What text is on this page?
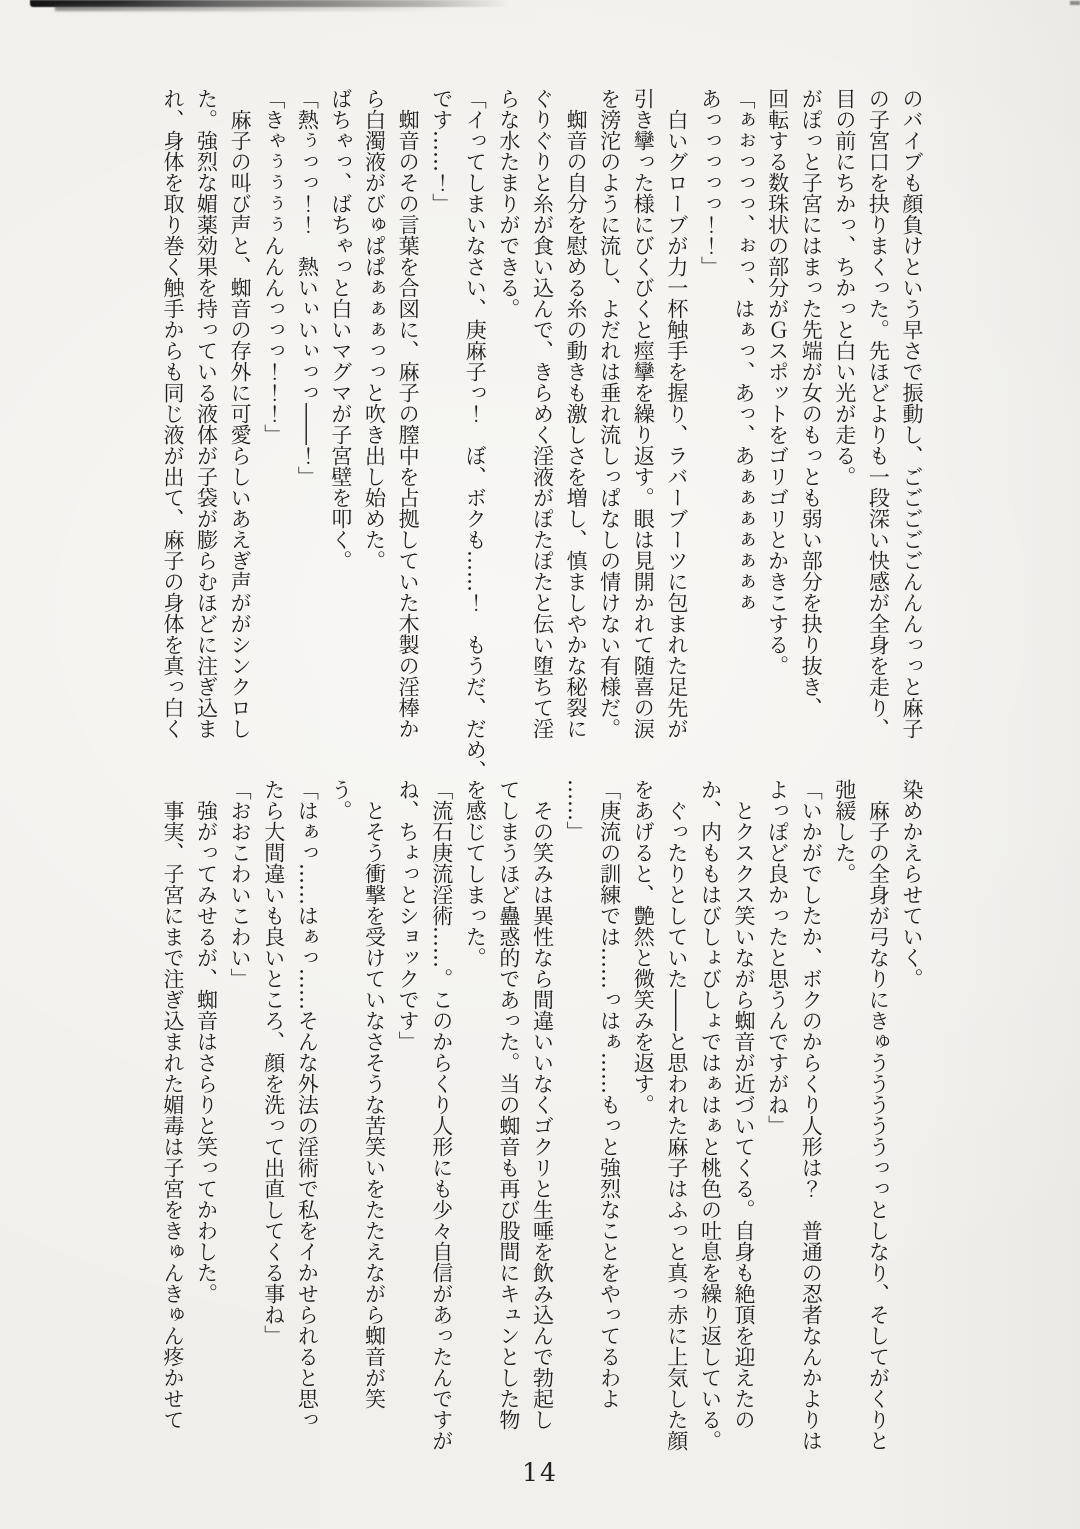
のバイブも顔負けという早さで振動し、ごごごごごんんんっっと麻子

の子宮口を抉りまくった。先ほどよりも一段深い快感が全身を走り、

目の前にちかっ、ちかっと白い光が走る。

がぽっと子宮にはまった先端が女のもっとも弱い部分を抉り抜き、

回転する数珠状の部分がＧスポットをゴリゴリとかきこする。

「ぁぉっっっ、ぉっ、はぁっ、あっ、あぁぁぁぁぁぁぁ

あっっっっっ！！」

　白いグローブが力一杯触手を握り、ラバーブーツに包まれた足先が

引き攣った様にびくびくと痙攣を繰り返す。眼は見開かれて随喜の涙

を滂沱のように流し、よだれは垂れ流しっぱなしの情けない有様だ。

　蜘音の自分を慰める糸の動きも激しさを増し、慎ましやかな秘裂に

ぐりぐりと糸が食い込んで、きらめく淫液がぽたぽたと伝い堕ちて淫

らな水たまりができる。

「イってしまいなさい、庚麻子っ！　ぼ、ボクも……！　もうだ、だめ、

です……！」

　蜘音のその言葉を合図に、麻子の膣中を占拠していた木製の淫棒か

ら白濁液がびゅぱぱぁぁぁっっと吹き出し始めた。

ばちゃっ、ばちゃっと白いマグマが子宮壁を叩く。

「熱ぅっっ！！　熱いぃいぃっっ――！」

「きゃぅぅぅぅんんんっっっ！！！」

　麻子の叫び声と、蜘音の存外に可愛らしいあえぎ声ががシンクロし

た。強烈な媚薬効果を持っている液体が子袋が膨らむほどに注ぎ込ま

れ、身体を取り巻く触手からも同じ液が出て、麻子の身体を真っ白く

染めかえらせていく。

　麻子の全身が弓なりにきゅうううううっっとしなり、そしてがくりと

弛緩した。

「いかがでしたか、ボクのからくり人形は？　普通の忍者なんかよりは

よっぽど良かったと思うんですがね」

　とクスクス笑いながら蜘音が近づいてくる。自身も絶頂を迎えたの

か、内ももはびしょびしょではぁはぁと桃色の吐息を繰り返している。

　ぐったりとしていた――と思われた麻子はふっと真っ赤に上気した顔

をあげると、艶然と微笑みを返す。

「庚流の訓練では……っはぁ……もっと強烈なことをやってるわよ

……」

　その笑みは異性なら間違いいなくゴクリと生唾を飲み込んで勃起し

てしまうほど蠱惑的であった。当の蜘音も再び股間にキュンとした物

を感じてしまった。

「流石庚流淫術……。このからくり人形にも少々自信があったんですが

ね、ちょっとショックです」

　とそう衝撃を受けていなさそうな苦笑いをたたえながら蜘音が笑

う。

「はぁっ……はぁっ……そんな外法の淫術で私をイかせられると思っ

たら大間違いも良いところ、顔を洗って出直してくる事ね」

「おおこわいこわい」

　強がってみせるが、蜘音はさらりと笑ってかわした。

　事実、子宮にまで注ぎ込まれた媚毒は子宮をきゅんきゅん疼かせて

14
